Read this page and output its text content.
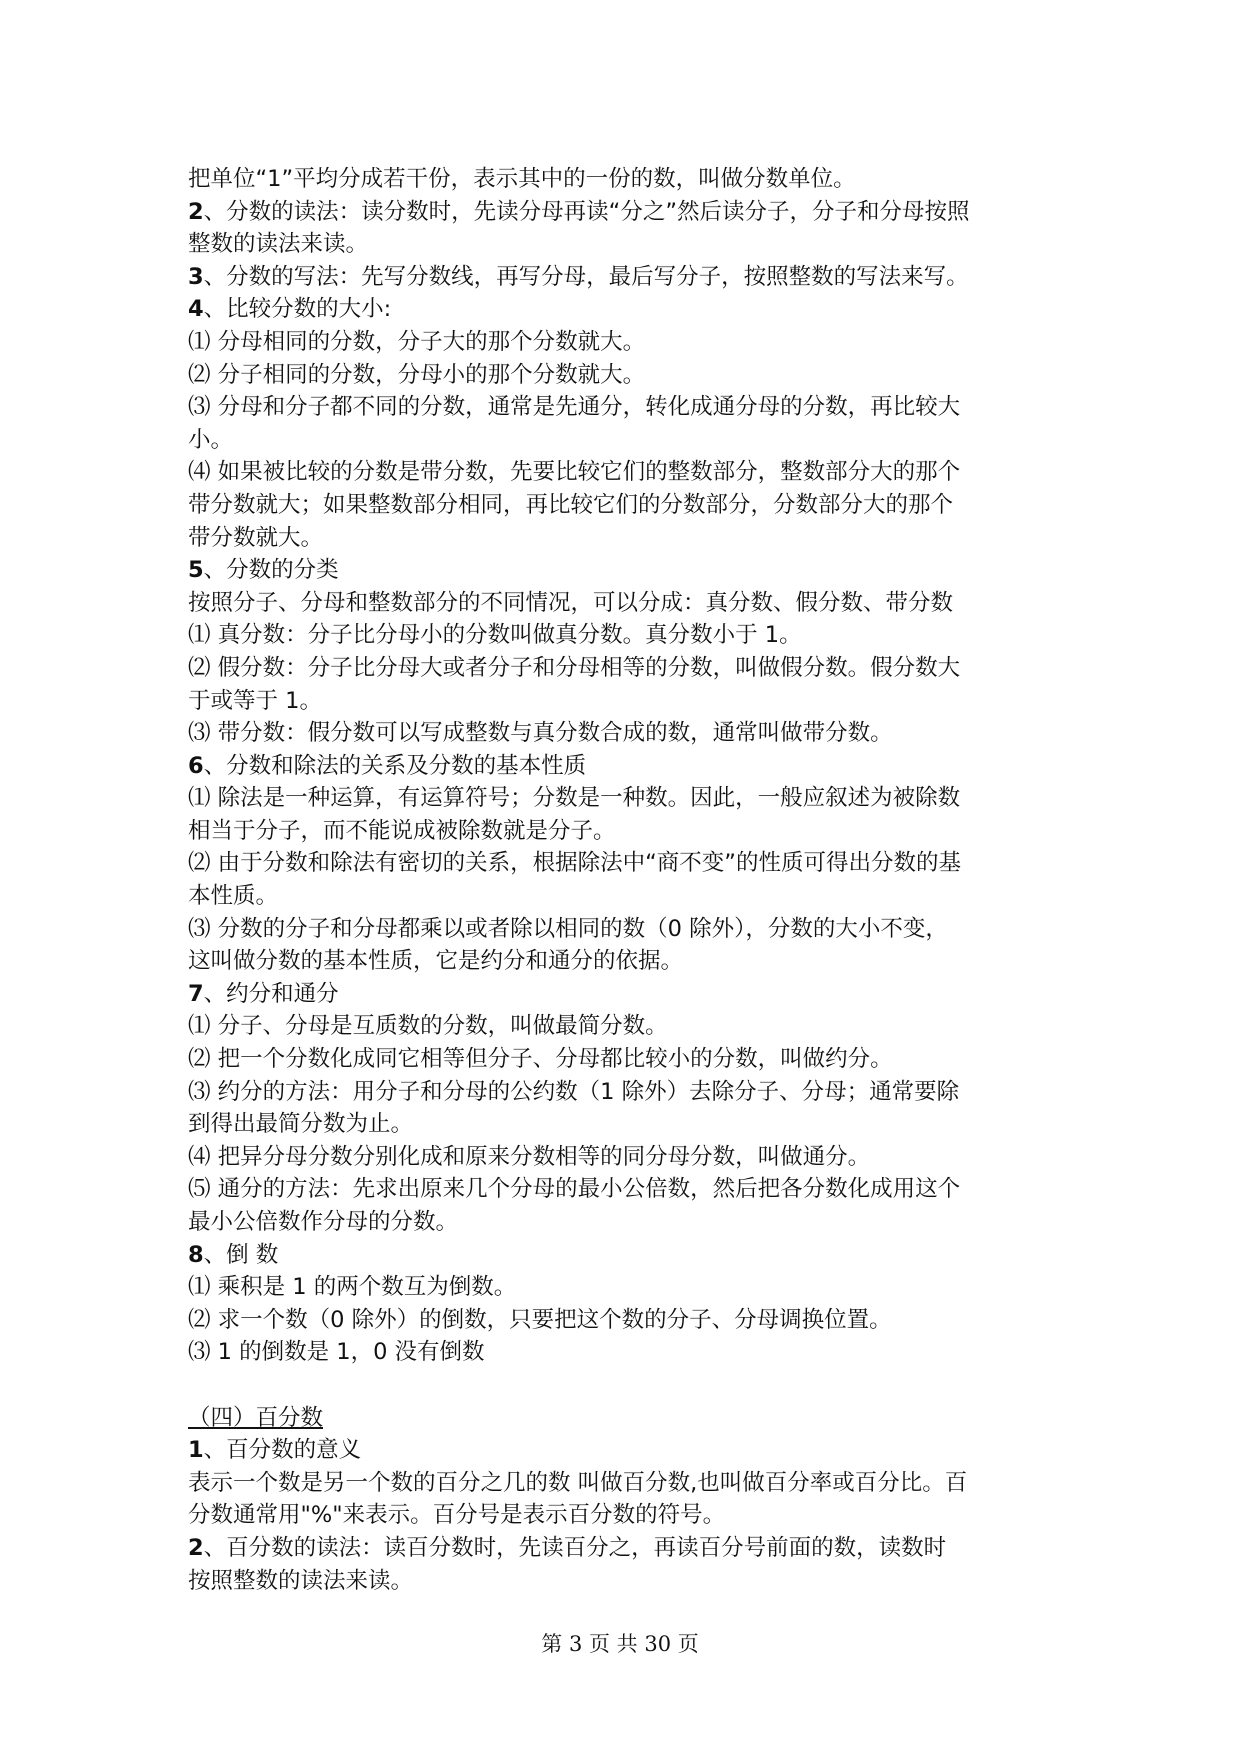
把单位“1”平均分成若干份，表示其中的一份的数，叫做分数单位。
2、分数的读法：读分数时，先读分母再读“分之”然后读分子，分子和分母按照
整数的读法来读。
3、分数的写法：先写分数线，再写分母，最后写分子，按照整数的写法来写。
4、比较分数的大小:
⑴ 分母相同的分数，分子大的那个分数就大。
⑵ 分子相同的分数，分母小的那个分数就大。
⑶ 分母和分子都不同的分数，通常是先通分，转化成通分母的分数，再比较大
小。
⑷ 如果被比较的分数是带分数，先要比较它们的整数部分，整数部分大的那个
带分数就大；如果整数部分相同，再比较它们的分数部分，分数部分大的那个
带分数就大。
5、分数的分类
按照分子、分母和整数部分的不同情况，可以分成：真分数、假分数、带分数
⑴ 真分数：分子比分母小的分数叫做真分数。真分数小于 1。
⑵ 假分数：分子比分母大或者分子和分母相等的分数，叫做假分数。假分数大
于或等于 1。
⑶ 带分数：假分数可以写成整数与真分数合成的数，通常叫做带分数。
6、分数和除法的关系及分数的基本性质
⑴ 除法是一种运算，有运算符号；分数是一种数。因此，一般应叙述为被除数
相当于分子，而不能说成被除数就是分子。
⑵ 由于分数和除法有密切的关系，根据除法中“商不变”的性质可得出分数的基
本性质。
⑶ 分数的分子和分母都乘以或者除以相同的数（0 除外），分数的大小不变，
这叫做分数的基本性质，它是约分和通分的依据。
7、约分和通分
⑴ 分子、分母是互质数的分数，叫做最简分数。
⑵ 把一个分数化成同它相等但分子、分母都比较小的分数，叫做约分。
⑶ 约分的方法：用分子和分母的公约数（1 除外）去除分子、分母；通常要除
到得出最简分数为止。
⑷ 把异分母分数分别化成和原来分数相等的同分母分数，叫做通分。
⑸ 通分的方法：先求出原来几个分母的最小公倍数，然后把各分数化成用这个
最小公倍数作分母的分数。
8、倒 数
⑴ 乘积是 1 的两个数互为倒数。
⑵ 求一个数（0 除外）的倒数，只要把这个数的分子、分母调换位置。
⑶ 1 的倒数是 1，0 没有倒数
（四）百分数
1、百分数的意义
表示一个数是另一个数的百分之几的数 叫做百分数,也叫做百分率或百分比。百
分数通常用"%"来表示。百分号是表示百分数的符号。
2、百分数的读法：读百分数时，先读百分之，再读百分号前面的数，读数时
按照整数的读法来读。
第 3 页 共 30 页
